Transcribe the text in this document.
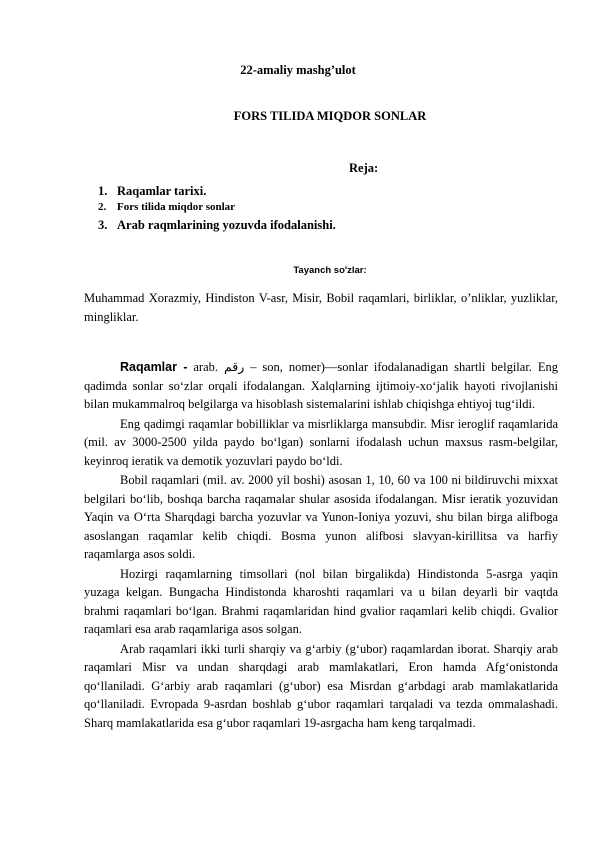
22-amaliy mashg’ulot
FORS TILIDA MIQDOR SONLAR
Reja:
1. Raqamlar tarixi.
2. Fors tilida miqdor sonlar
3. Arab raqmlarining yozuvda ifodalanishi.
Tayanch so'zlar:

Muhammad Xorazmiy, Hindiston V-asr, Misir, Bobil raqamlari, birliklar, o’nliklar, yuzliklar, mingliklar.

Raqamlar - arab. رقم – son, nomer)—sonlar ifodalanadigan shartli belgilar. Eng qadimda sonlar so‘zlar orqali ifodalangan. Xalqlarning ijtimoiy-xo‘jalik hayoti rivojlanishi bilan mukammalroq belgilarga va hisoblash sistemalarini ishlab chiqishga ehtiyoj tug‘ildi.

Eng qadimgi raqamlar bobilliklar va misrliklarga mansubdir. Misr ieroglif raqamlarida (mil. av 3000-2500 yilda paydo bo‘lgan) sonlarni ifodalash uchun maxsus rasm-belgilar, keyinroq ieratik va demotik yozuvlari paydo bo‘ldi.

Bobil raqamlari (mil. av. 2000 yil boshi) asosan 1, 10, 60 va 100 ni bildiruvchi mixxat belgilari bo‘lib, boshqa barcha raqamalar shular asosida ifodalangan. Misr ieratik yozuvidan Yaqin va O‘rta Sharqdagi barcha yozuvlar va Yunon-Ioniya yozuvi, shu bilan birga alifboga asoslangan raqamlar kelib chiqdi. Bosma yunon alifbosi slavyan-kirillitsa va harfiy raqamlarga asos soldi.

Hozirgi raqamlarning timsollari (nol bilan birgalikda) Hindistonda 5-asrga yaqin yuzaga kelgan. Bungacha Hindistonda kharoshti raqamlari va u bilan deyarli bir vaqtda brahmi raqamlari bo‘lgan. Brahmi raqamlaridan hind gvalior raqamlari kelib chiqdi. Gvalior raqamlari esa arab raqamlariga asos solgan.

Arab raqamlari ikki turli sharqiy va g‘arbiy (g‘ubor) raqamlardan iborat. Sharqiy arab raqamlari Misr va undan sharqdagi arab mamlakatlari, Eron hamda Afg‘onistonda qo‘llaniladi. G‘arbiy arab raqamlari (g‘ubor) esa Misrdan g‘arbdagi arab mamlakatlarida qo‘llaniladi. Evropada 9-asrdan boshlab g‘ubor raqamlari tarqaladi va tezda ommalashadi. Sharq mamlakatlarida esa g‘ubor raqamlari 19-asrgacha ham keng tarqalmadi.
